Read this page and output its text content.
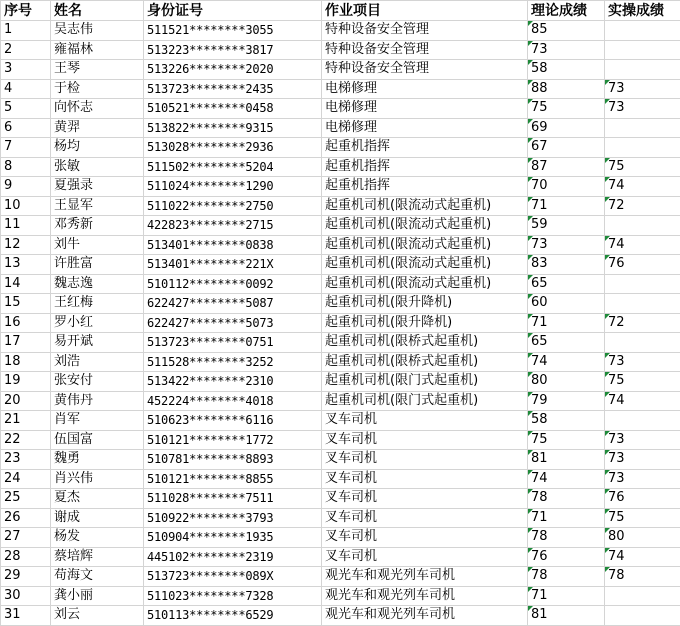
序号	姓名	身份证号	作业项目	理论成绩	实操成绩
1	吴志伟	511521********3055	特种设备安全管理	85	
2	雍福林	513223********3817	特种设备安全管理	73	
3	王琴	513226********2020	特种设备安全管理	58	
4	于检	513723********2435	电梯修理	88	73
5	向怀志	510521********0458	电梯修理	75	73
6	黄羿	513822********9315	电梯修理	69	
7	杨均	513028********2936	起重机指挥	67	
8	张敏	511502********5204	起重机指挥	87	75
9	夏强录	511024********1290	起重机指挥	70	74
10	王显军	511022********2750	起重机司机(限流动式起重机)	71	72
11	邓秀新	422823********2715	起重机司机(限流动式起重机)	59	
12	刘牛	513401********0838	起重机司机(限流动式起重机)	73	74
13	许胜富	513401********221X	起重机司机(限流动式起重机)	83	76
14	魏志逸	510112********0092	起重机司机(限流动式起重机)	65	
15	王红梅	622427********5087	起重机司机(限升降机)	60	
16	罗小红	622427********5073	起重机司机(限升降机)	71	72
17	易开斌	513723********0751	起重机司机(限桥式起重机)	65	
18	刘浩	511528********3252	起重机司机(限桥式起重机)	74	73
19	张安付	513422********2310	起重机司机(限门式起重机)	80	75
20	黄伟丹	452224********4018	起重机司机(限门式起重机)	79	74
21	肖军	510623********6116	叉车司机	58	
22	伍国富	510121********1772	叉车司机	75	73
23	魏勇	510781********8893	叉车司机	81	73
24	肖兴伟	510121********8855	叉车司机	74	73
25	夏杰	511028********7511	叉车司机	78	76
26	谢成	510922********3793	叉车司机	71	75
27	杨发	510904********1935	叉车司机	78	80
28	蔡培辉	445102********2319	叉车司机	76	74
29	苟海文	513723********089X	观光车和观光列车司机	78	78
30	龚小丽	511023********7328	观光车和观光列车司机	71	
31	刘云	510113********6529	观光车和观光列车司机	81	
